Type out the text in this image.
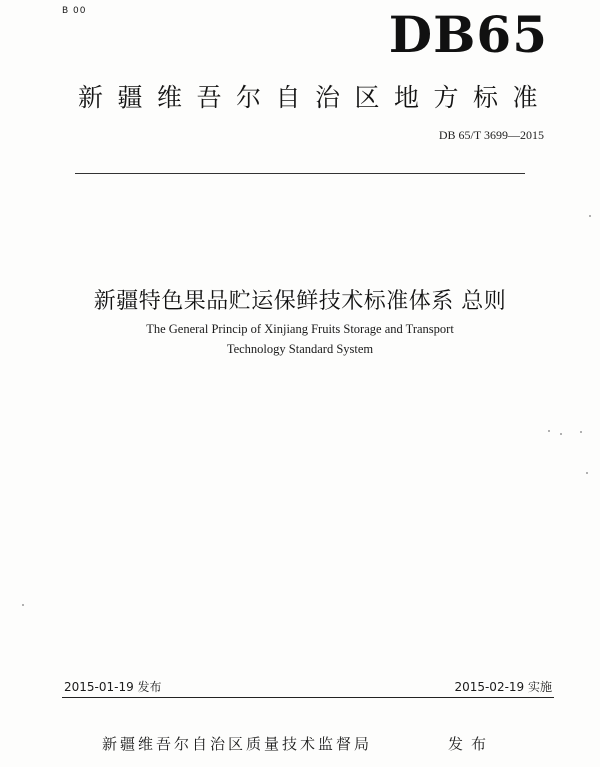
B 00	DB65
新疆维吾尔自治区地方标准
DB 65/T 3699—2015
新疆特色果品贮运保鲜技术标准体系 总则
The General Princip of Xinjiang Fruits Storage and Transport
Technology Standard System
2015-01-19 发布	2015-02-19 实施
新疆维吾尔自治区质量技术监督局	发布
